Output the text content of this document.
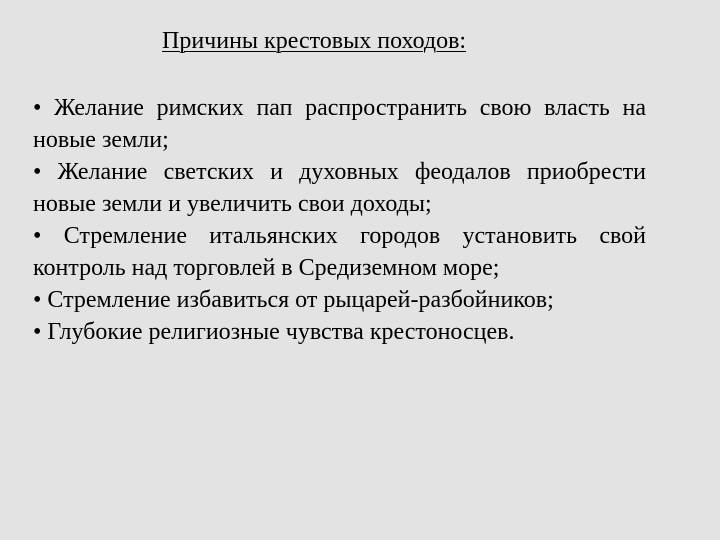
Причины крестовых походов:
• Желание римских пап распространить свою власть на новые земли;
• Желание светских и духовных феодалов приобрести новые земли и увеличить свои доходы;
• Стремление итальянских городов установить свой контроль над торговлей в Средиземном море;
• Стремление избавиться от рыцарей-разбойников;
• Глубокие религиозные чувства крестоносцев.
